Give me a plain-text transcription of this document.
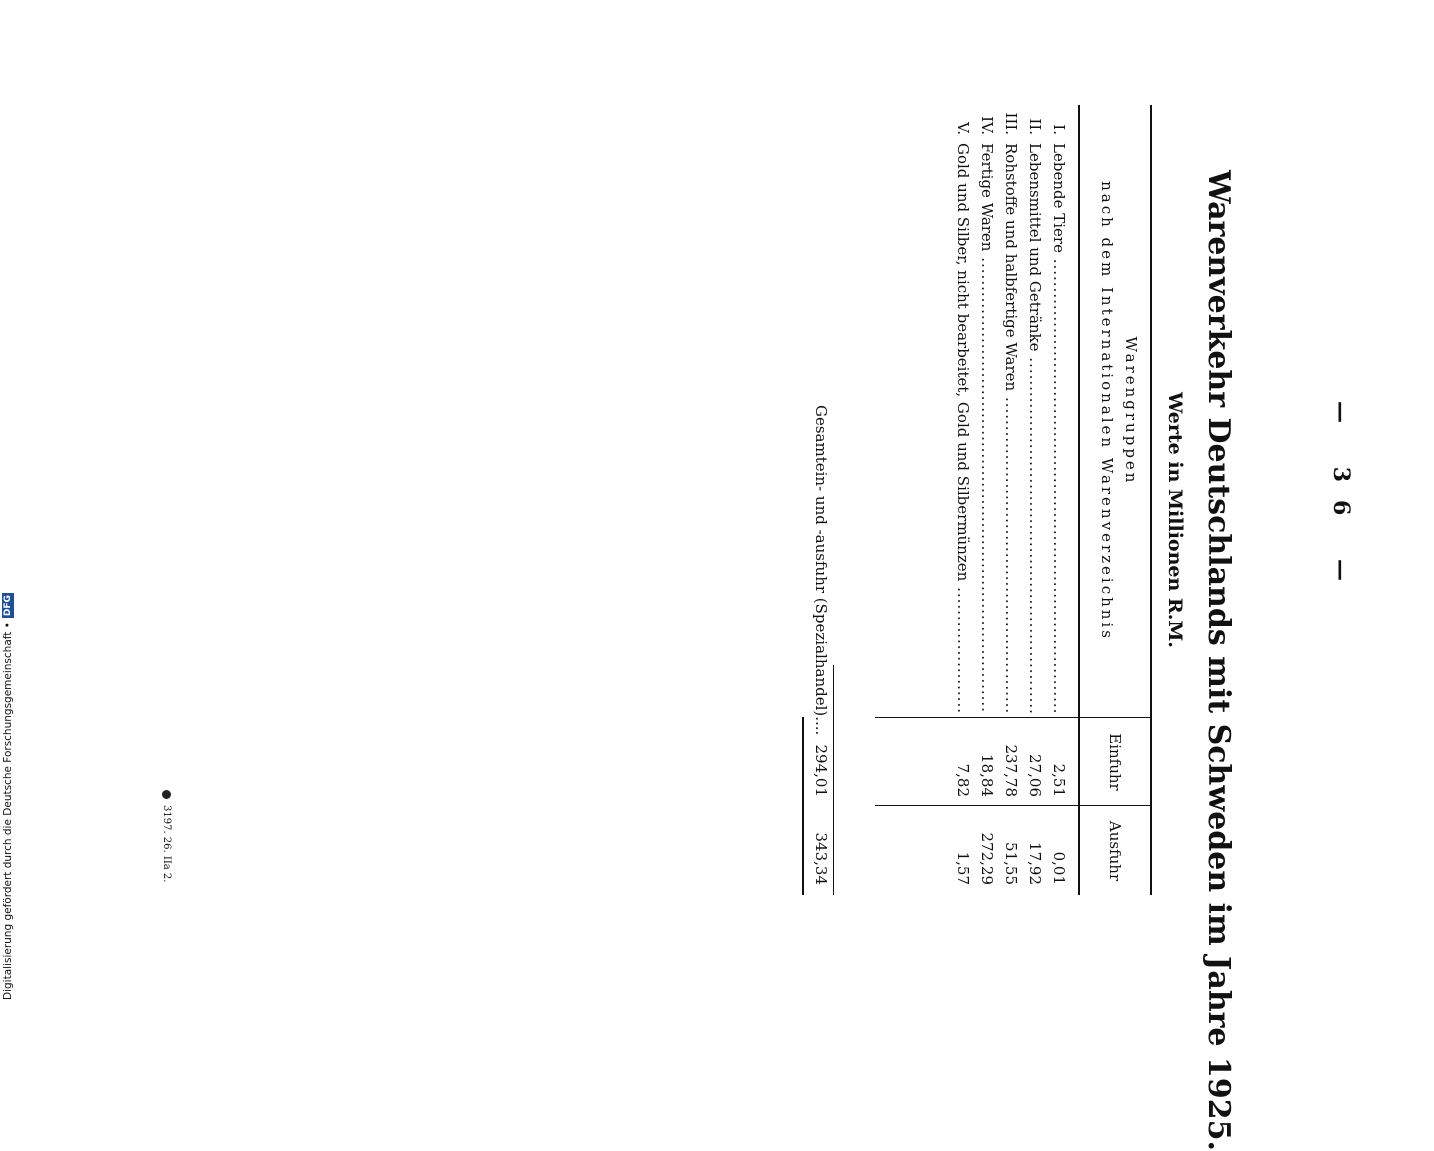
— 36 —
Warenverkehr Deutschlands mit Schweden im Jahre 1925.
Werte in Millionen R.M.
Warengruppen
nach dem Internationalen Warenverzeichnis
Einfuhr
Ausfuhr
I.
Lebende Tiere .....
2,51
0,01
II.
Lebensmittel und Getränke .....
27,06
17,92
III.
Rohstoffe und halbfertige Waren .....
237,78
51,55
IV.
Fertige Waren .....
18,84
272,29
V.
Gold und Silber, nicht bearbeitet, Gold und Silbermünzen .....
7,82
1,57
Gesamtein- und -ausfuhr (Spezialhandel)....
294,01
343,34
3197. 26. IIa 2.
Digitalisierung gefördert durch die Deutsche Forschungsgemeinschaft •DFG
